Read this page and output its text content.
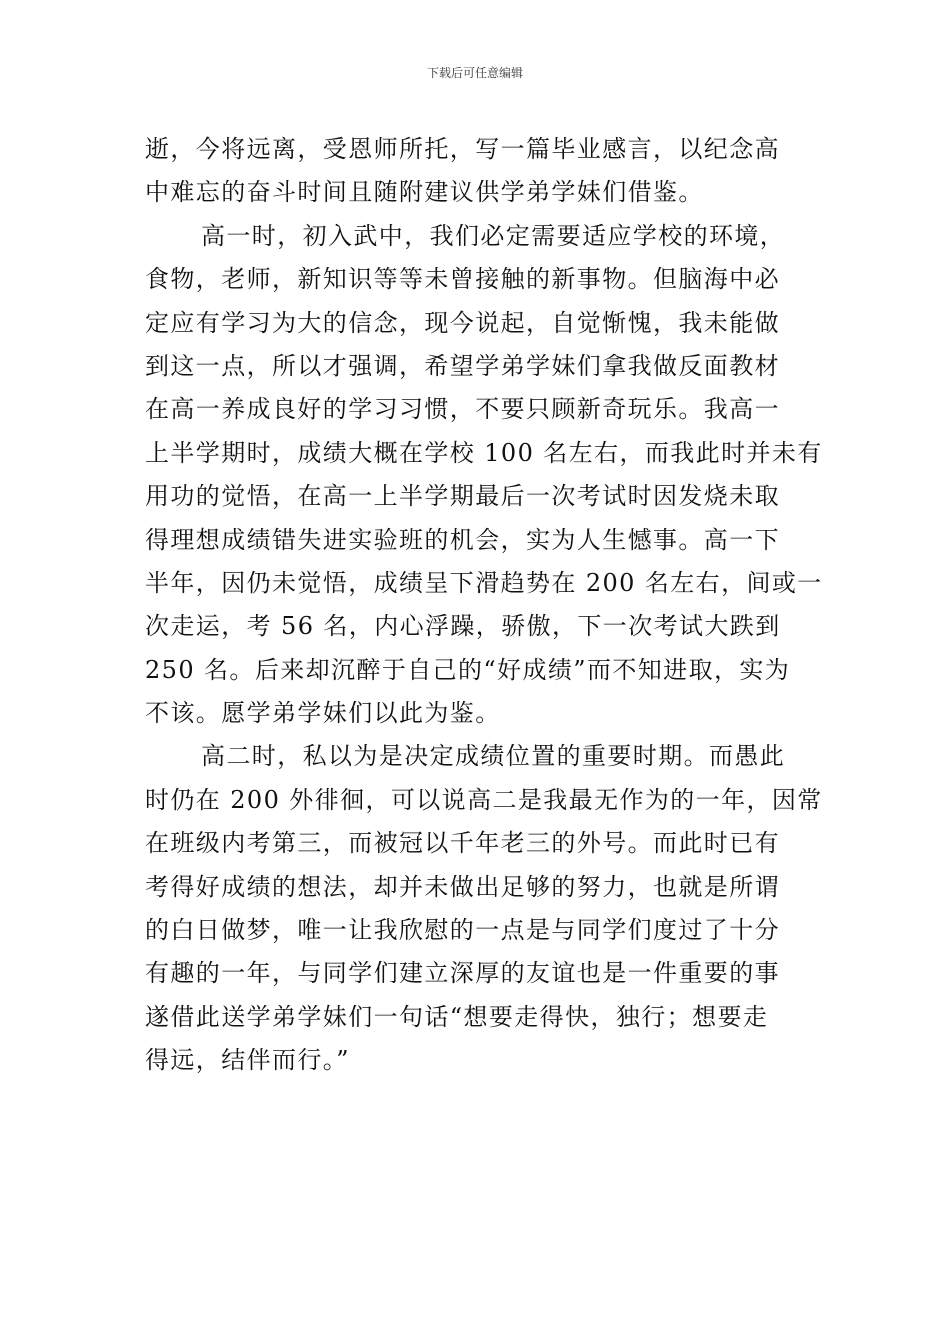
下载后可任意编辑
逝，今将远离，受恩师所托，写一篇毕业感言，以纪念高
中难忘的奋斗时间且随附建议供学弟学妹们借鉴。
高一时，初入武中，我们必定需要适应学校的环境，
食物，老师，新知识等等未曾接触的新事物。但脑海中必
定应有学习为大的信念，现今说起，自觉惭愧，我未能做
到这一点，所以才强调，希望学弟学妹们拿我做反面教材
在高一养成良好的学习习惯，不要只顾新奇玩乐。我高一
上半学期时，成绩大概在学校 100 名左右，而我此时并未有
用功的觉悟，在高一上半学期最后一次考试时因发烧未取
得理想成绩错失进实验班的机会，实为人生憾事。高一下
半年，因仍未觉悟，成绩呈下滑趋势在 200 名左右，间或一
次走运，考 56 名，内心浮躁，骄傲，下一次考试大跌到
250 名。后来却沉醉于自己的“好成绩”而不知进取，实为
不该。愿学弟学妹们以此为鉴。
高二时，私以为是决定成绩位置的重要时期。而愚此
时仍在 200 外徘徊，可以说高二是我最无作为的一年，因常
在班级内考第三，而被冠以千年老三的外号。而此时已有
考得好成绩的想法，却并未做出足够的努力，也就是所谓
的白日做梦，唯一让我欣慰的一点是与同学们度过了十分
有趣的一年，与同学们建立深厚的友谊也是一件重要的事
遂借此送学弟学妹们一句话“想要走得快，独行；想要走
得远，结伴而行。”
